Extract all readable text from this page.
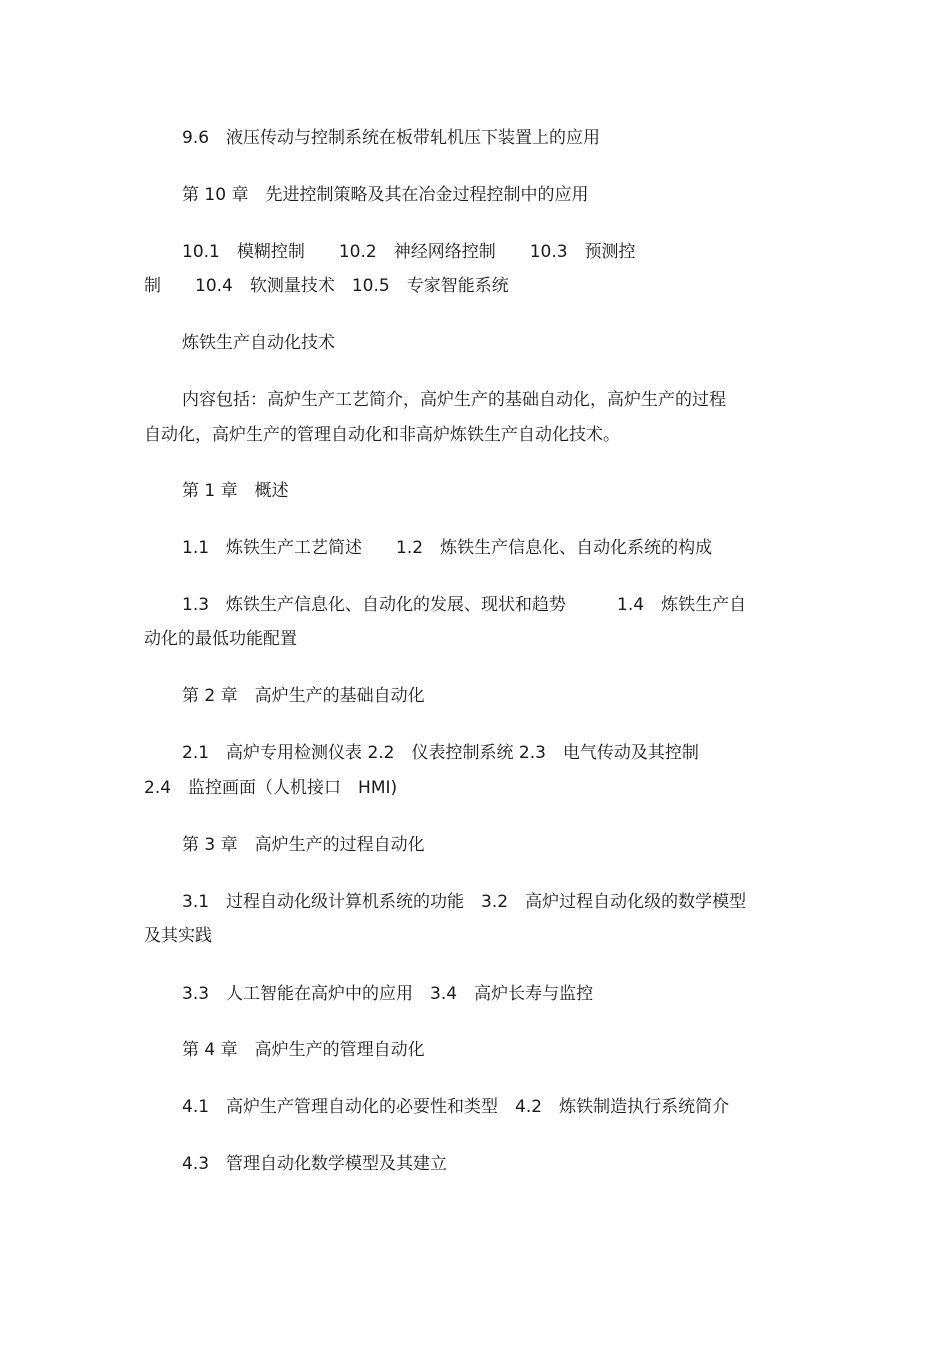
9.6　液压传动与控制系统在板带轧机压下装置上的应用
第 10 章　先进控制策略及其在冶金过程控制中的应用
10.1　模糊控制　　10.2　神经网络控制　　10.3　预测控
制　　10.4　软测量技术　10.5　专家智能系统
炼铁生产自动化技术
内容包括：高炉生产工艺简介，高炉生产的基础自动化，高炉生产的过程
自动化，高炉生产的管理自动化和非高炉炼铁生产自动化技术。
第 1 章　概述
1.1　炼铁生产工艺简述　　1.2　炼铁生产信息化、自动化系统的构成
1.3　炼铁生产信息化、自动化的发展、现状和趋势　　　1.4　炼铁生产自
动化的最低功能配置
第 2 章　高炉生产的基础自动化
2.1　高炉专用检测仪表 2.2　仪表控制系统 2.3　电气传动及其控制
2.4　监控画面（人机接口　HMI)
第 3 章　高炉生产的过程自动化
3.1　过程自动化级计算机系统的功能　3.2　高炉过程自动化级的数学模型
及其实践
3.3　人工智能在高炉中的应用　3.4　高炉长寿与监控
第 4 章　高炉生产的管理自动化
4.1　高炉生产管理自动化的必要性和类型　4.2　炼铁制造执行系统简介
4.3　管理自动化数学模型及其建立
